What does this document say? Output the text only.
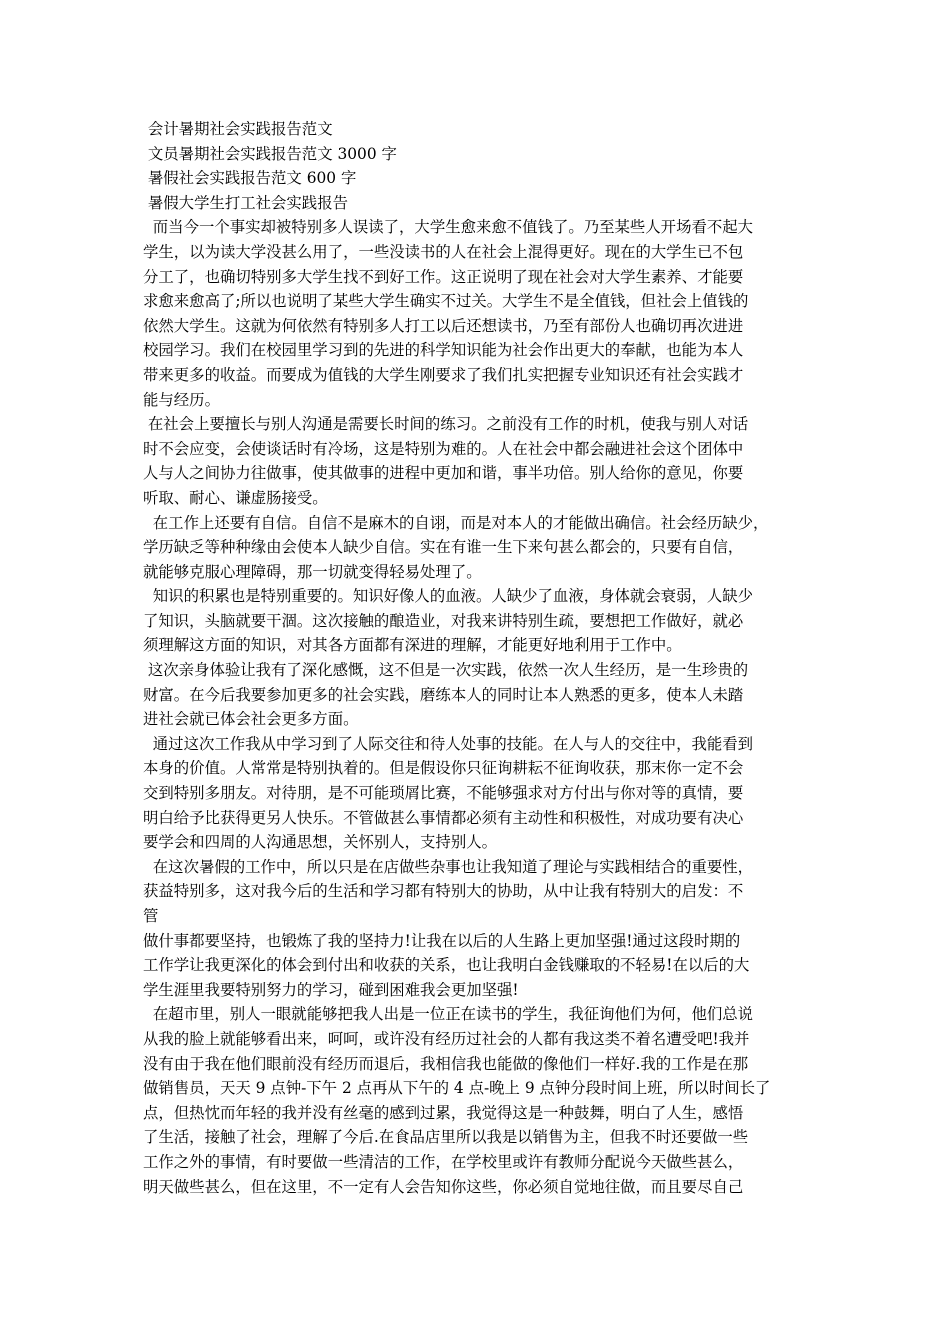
会计暑期社会实践报告范文
文员暑期社会实践报告范文 3000 字
暑假社会实践报告范文 600 字
暑假大学生打工社会实践报告
而当今一个事实却被特别多人误读了，大学生愈来愈不值钱了。乃至某些人开场看不起大
学生，以为读大学没甚么用了，一些没读书的人在社会上混得更好。现在的大学生已不包
分工了，也确切特别多大学生找不到好工作。这正说明了现在社会对大学生素养、才能要
求愈来愈高了;所以也说明了某些大学生确实不过关。大学生不是全值钱，但社会上值钱的
依然大学生。这就为何依然有特别多人打工以后还想读书，乃至有部份人也确切再次进进
校园学习。我们在校园里学习到的先进的科学知识能为社会作出更大的奉献，也能为本人
带来更多的收益。而要成为值钱的大学生刚要求了我们扎实把握专业知识还有社会实践才
能与经历。
在社会上要擅长与别人沟通是需要长时间的练习。之前没有工作的时机，使我与别人对话
时不会应变，会使谈话时有冷场，这是特别为难的。人在社会中都会融进社会这个团体中
人与人之间协力往做事，使其做事的进程中更加和谐，事半功倍。别人给你的意见，你要
听取、耐心、谦虚肠接受。
在工作上还要有自信。自信不是麻木的自诩，而是对本人的才能做出确信。社会经历缺少，
学历缺乏等种种缘由会使本人缺少自信。实在有谁一生下来句甚么都会的，只要有自信，
就能够克服心理障碍，那一切就变得轻易处理了。
知识的积累也是特别重要的。知识好像人的血液。人缺少了血液，身体就会衰弱，人缺少
了知识，头脑就要干涸。这次接触的酿造业，对我来讲特别生疏，要想把工作做好，就必
须理解这方面的知识，对其各方面都有深进的理解，才能更好地利用于工作中。
这次亲身体验让我有了深化感慨，这不但是一次实践，依然一次人生经历，是一生珍贵的
财富。在今后我要参加更多的社会实践，磨练本人的同时让本人熟悉的更多，使本人未踏
进社会就已体会社会更多方面。
通过这次工作我从中学习到了人际交往和待人处事的技能。在人与人的交往中，我能看到
本身的价值。人常常是特别执着的。但是假设你只征询耕耘不征询收获，那末你一定不会
交到特别多朋友。对待朋，是不可能琐屑比赛，不能够强求对方付出与你对等的真情，要
明白给予比获得更另人快乐。不管做甚么事情都必须有主动性和积极性，对成功要有决心
要学会和四周的人沟通思想，关怀别人，支持别人。
在这次暑假的工作中，所以只是在店做些杂事也让我知道了理论与实践相结合的重要性，
获益特别多，这对我今后的生活和学习都有特别大的协助，从中让我有特别大的启发：不
管
做什事都要坚持，也锻炼了我的坚持力!让我在以后的人生路上更加坚强!通过这段时期的
工作学让我更深化的体会到付出和收获的关系，也让我明白金钱赚取的不轻易!在以后的大
学生涯里我要特别努力的学习，碰到困难我会更加坚强!
在超市里，别人一眼就能够把我人出是一位正在读书的学生，我征询他们为何，他们总说
从我的脸上就能够看出来，呵呵，或许没有经历过社会的人都有我这类不着名遭受吧!我并
没有由于我在他们眼前没有经历而退后，我相信我也能做的像他们一样好.我的工作是在那
做销售员，天天 9 点钟-下午 2 点再从下午的 4 点-晚上 9 点钟分段时间上班，所以时间长了
点，但热忱而年轻的我并没有丝毫的感到过累，我觉得这是一种鼓舞，明白了人生，感悟
了生活，接触了社会，理解了今后.在食品店里所以我是以销售为主，但我不时还要做一些
工作之外的事情，有时要做一些清洁的工作，在学校里或许有教师分配说今天做些甚么，
明天做些甚么，但在这里，不一定有人会告知你这些，你必须自觉地往做，而且要尽自己
